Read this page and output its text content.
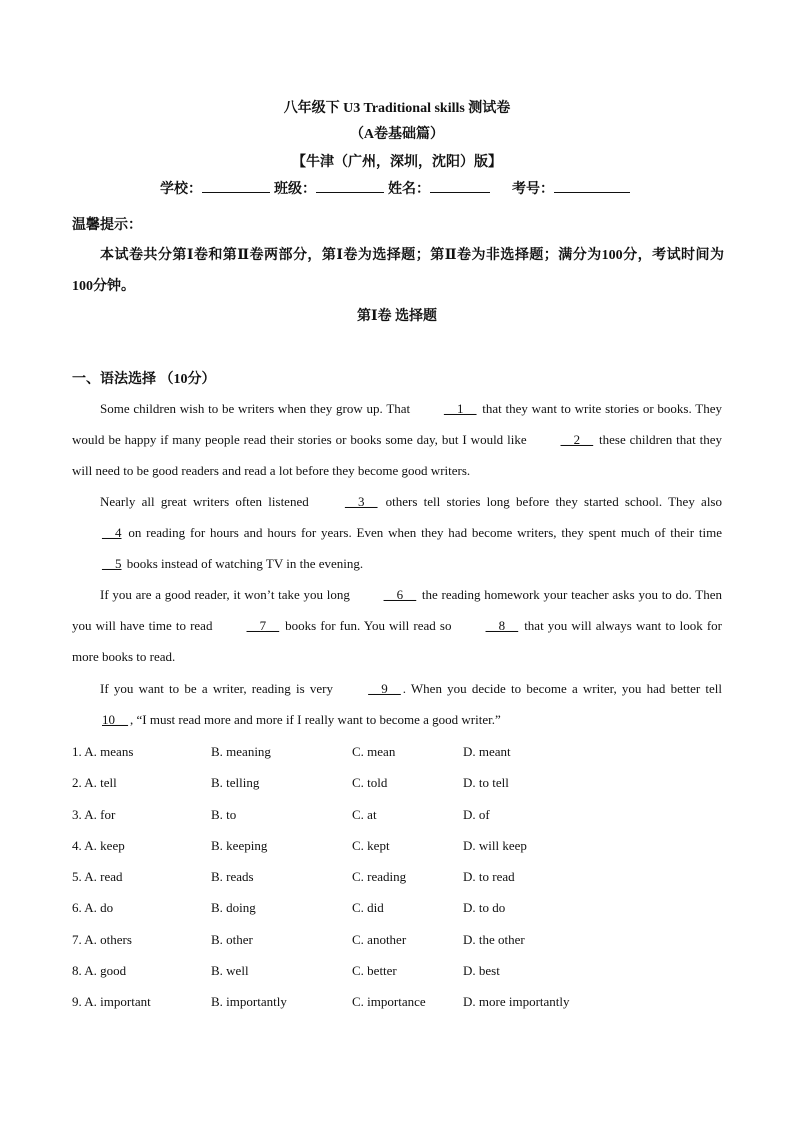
八年级下 U3 Traditional skills 测试卷
（A卷基础篇）
【牛津（广州，深圳，沈阳）版】
学校：	班级：	姓名：	考号：
温馨提示：
本试卷共分第Ⅰ卷和第Ⅱ卷两部分，第Ⅰ卷为选择题；第Ⅱ卷为非选择题；满分为100分，考试时间为100分钟。
第Ⅰ卷 选择题
一、语法选择 （10分）

Some children wish to be writers when they grow up. That __1__ that they want to write stories or books. They would be happy if many people read their stories or books some day, but I would like __2__ these children that they will need to be good readers and read a lot before they become good writers.

Nearly all great writers often listened __3__ others tell stories long before they started school. They also __4 on reading for hours and hours for years. Even when they had become writers, they spent much of their time __5 books instead of watching TV in the evening.

If you are a good reader, it won’t take you long __6__ the reading homework your teacher asks you to do. Then you will have time to read __7__ books for fun. You will read so __8__ that you will always want to look for more books to read.

If you want to be a writer, reading is very __9__ . When you decide to become a writer, you had better tell 10__ , “I must read more and more if I really want to become a good writer.”

1. A. means	B. meaning	C. mean	D. meant
2. A. tell	B. telling	C. told	D. to tell
3. A. for	B. to	C. at	D. of
4. A. keep	B. keeping	C. kept	D. will keep
5. A. read	B. reads	C. reading	D. to read
6. A. do	B. doing	C. did	D. to do
7. A. others	B. other	C. another	D. the other
8. A. good	B. well	C. better	D. best
9. A. important	B. importantly	C. importance	D. more importantly
